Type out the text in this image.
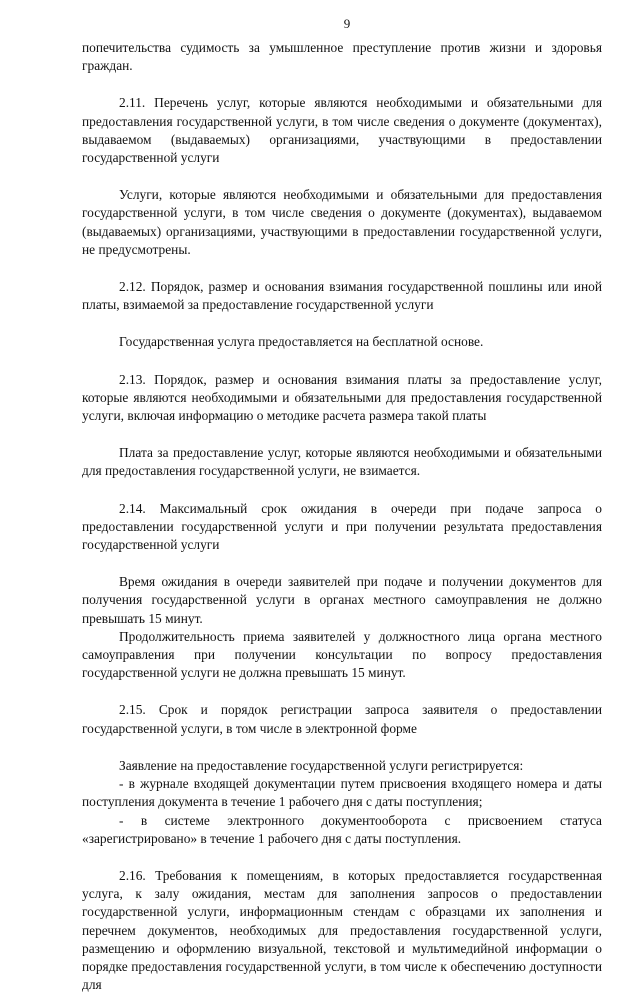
9

попечительства судимость за умышленное преступление против жизни и здоровья граждан.

2.11. Перечень услуг, которые являются необходимыми и обязательными для предоставления государственной услуги, в том числе сведения о документе (документах), выдаваемом (выдаваемых) организациями, участвующими в предоставлении государственной услуги

Услуги, которые являются необходимыми и обязательными для предоставления государственной услуги, в том числе сведения о документе (документах), выдаваемом (выдаваемых) организациями, участвующими в предоставлении государственной услуги, не предусмотрены.

2.12. Порядок, размер и основания взимания государственной пошлины или иной платы, взимаемой за предоставление государственной услуги

Государственная услуга предоставляется на бесплатной основе.

2.13. Порядок, размер и основания взимания платы за предоставление услуг, которые являются необходимыми и обязательными для предоставления государственной услуги, включая информацию о методике расчета размера такой платы

Плата за предоставление услуг, которые являются необходимыми и обязательными для предоставления государственной услуги, не взимается.

2.14. Максимальный срок ожидания в очереди при подаче запроса о предоставлении государственной услуги и при получении результата предоставления государственной услуги

Время ожидания в очереди заявителей при подаче и получении документов для получения государственной услуги в органах местного самоуправления не должно превышать 15 минут.

Продолжительность приема заявителей у должностного лица органа местного самоуправления при получении консультации по вопросу предоставления государственной услуги не должна превышать 15 минут.

2.15. Срок и порядок регистрации запроса заявителя о предоставлении государственной услуги, в том числе в электронной форме

Заявление на предоставление государственной услуги регистрируется:

- в журнале входящей документации путем присвоения входящего номера и даты поступления документа в течение 1 рабочего дня с даты поступления;

- в системе электронного документооборота с присвоением статуса «зарегистрировано» в течение 1 рабочего дня с даты поступления.

2.16. Требования к помещениям, в которых предоставляется государственная услуга, к залу ожидания, местам для заполнения запросов о предоставлении государственной услуги, информационным стендам с образцами их заполнения и перечнем документов, необходимых для предоставления государственной услуги, размещению и оформлению визуальной, текстовой и мультимедийной информации о порядке предоставления государственной услуги, в том числе к обеспечению доступности для
